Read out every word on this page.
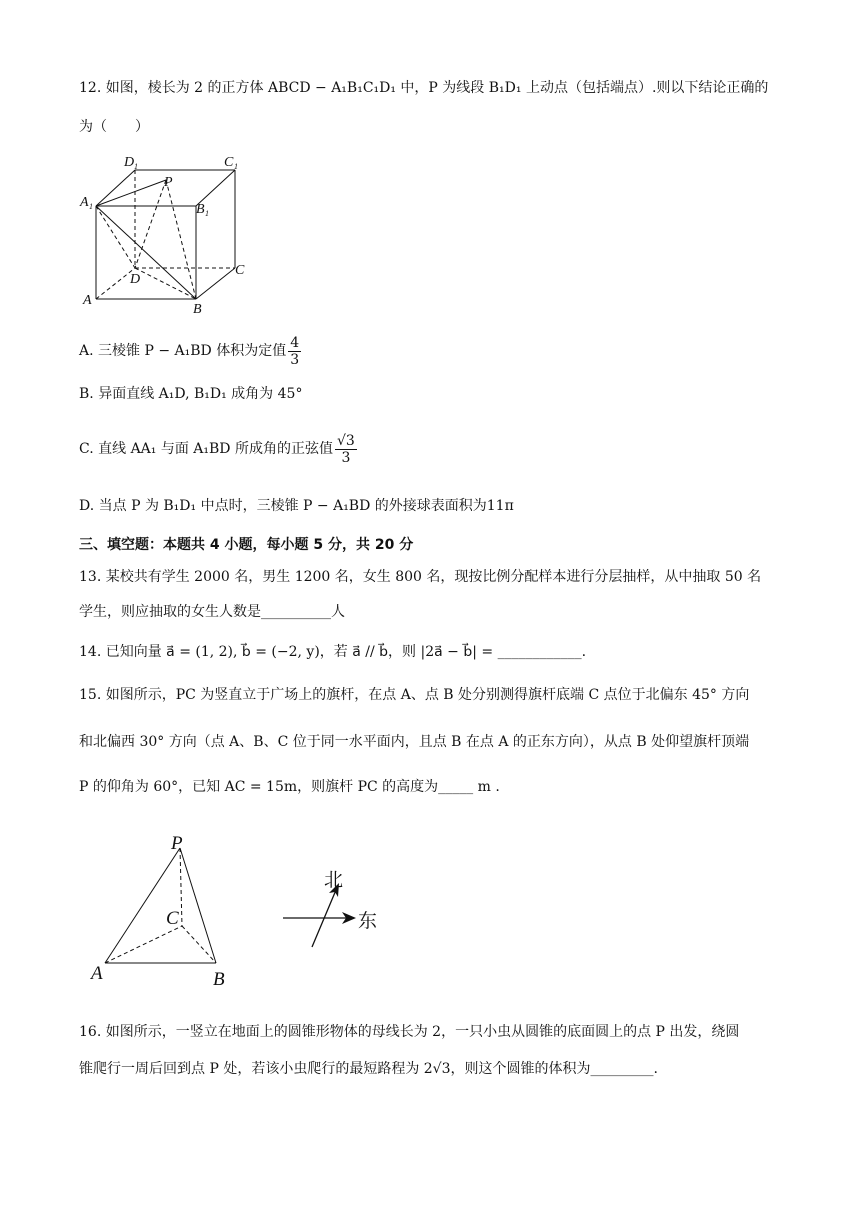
12. 如图，棱长为 2 的正方体 ABCD − A₁B₁C₁D₁ 中，P 为线段 B₁D₁ 上动点（包括端点）.则以下结论正确的
为（　　）
D 1	C 1
A 1	B 1
P
D
C
A
B
A. 三棱锥 P − A₁BD 体积为定值 $\frac{4}{3}$
B. 异面直线 A₁D, B₁D₁ 成角为 45°
C. 直线 AA₁ 与面 A₁BD 所成角的正弦值 $\frac{√3}{3}$
D. 当点 P 为 B₁D₁ 中点时，三棱锥 P − A₁BD 的外接球表面积为11π
三、填空题：本题共 4 小题，每小题 5 分，共 20 分
13. 某校共有学生 2000 名，男生 1200 名，女生 800 名，现按比例分配样本进行分层抽样，从中抽取 50 名
学生，则应抽取的女生人数是__________人
14. 已知向量 a⃗ = (1, 2), b⃗ = (−2, y)，若 a⃗ // b⃗，则 |2a⃗ − b⃗| = ____________.
15. 如图所示，PC 为竖直立于广场上的旗杆，在点 A、点 B 处分别测得旗杆底端 C 点位于北偏东 45° 方向
和北偏西 30° 方向（点 A、B、C 位于同一水平面内，且点 B 在点 A 的正东方向），从点 B 处仰望旗杆顶端
P 的仰角为 60°，已知 AC = 15m，则旗杆 PC 的高度为_____ m .
P
C
A	B
北
东
16. 如图所示，一竖立在地面上的圆锥形物体的母线长为 2，一只小虫从圆锥的底面圆上的点 P 出发，绕圆
锥爬行一周后回到点 P 处，若该小虫爬行的最短路程为 2√3，则这个圆锥的体积为_________.
